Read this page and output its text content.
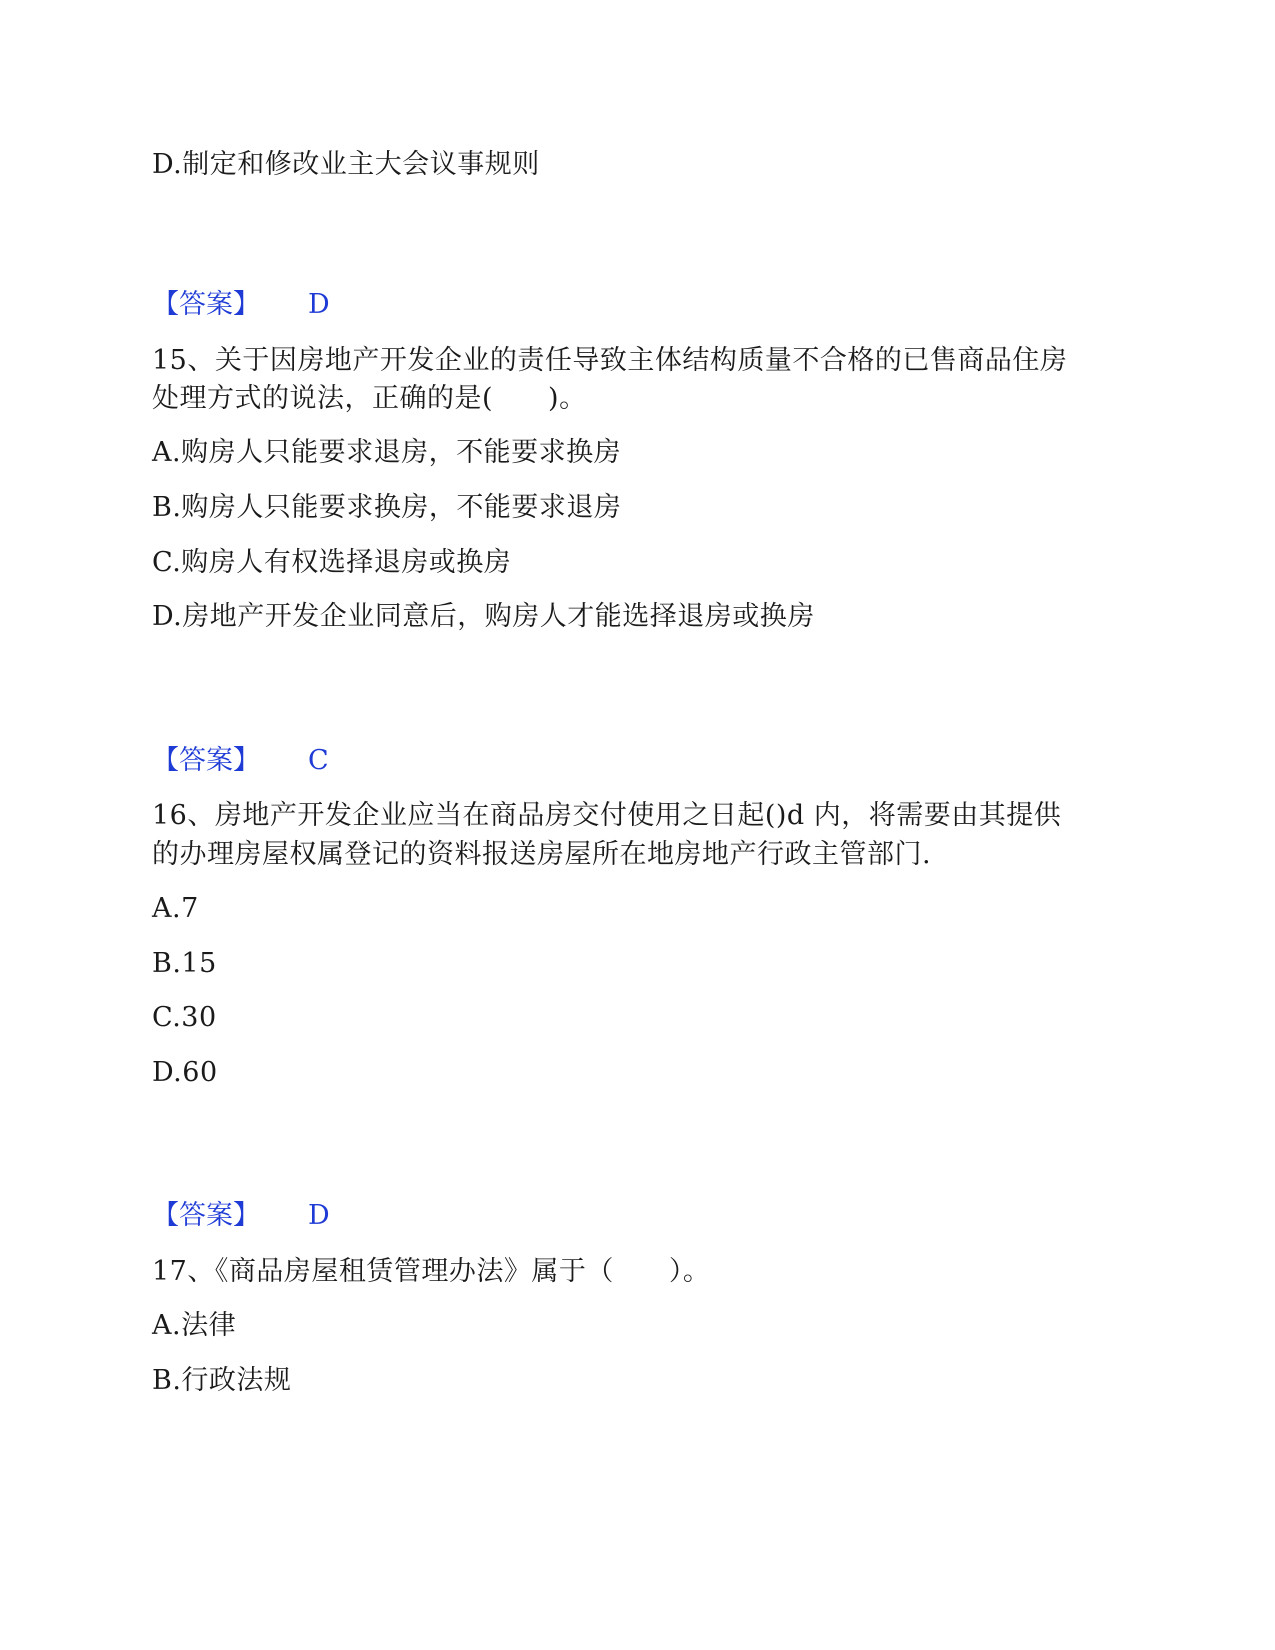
D.制定和修改业主大会议事规则
【答案】 D
15、关于因房地产开发企业的责任导致主体结构质量不合格的已售商品住房
处理方式的说法，正确的是(　　)。
A.购房人只能要求退房，不能要求换房
B.购房人只能要求换房，不能要求退房
C.购房人有权选择退房或换房
D.房地产开发企业同意后，购房人才能选择退房或换房
【答案】 C
16、房地产开发企业应当在商品房交付使用之日起()d 内，将需要由其提供
的办理房屋权属登记的资料报送房屋所在地房地产行政主管部门.
A.7
B.15
C.30
D.60
【答案】 D
17、《商品房屋租赁管理办法》属于（　　）。
A.法律
B.行政法规
